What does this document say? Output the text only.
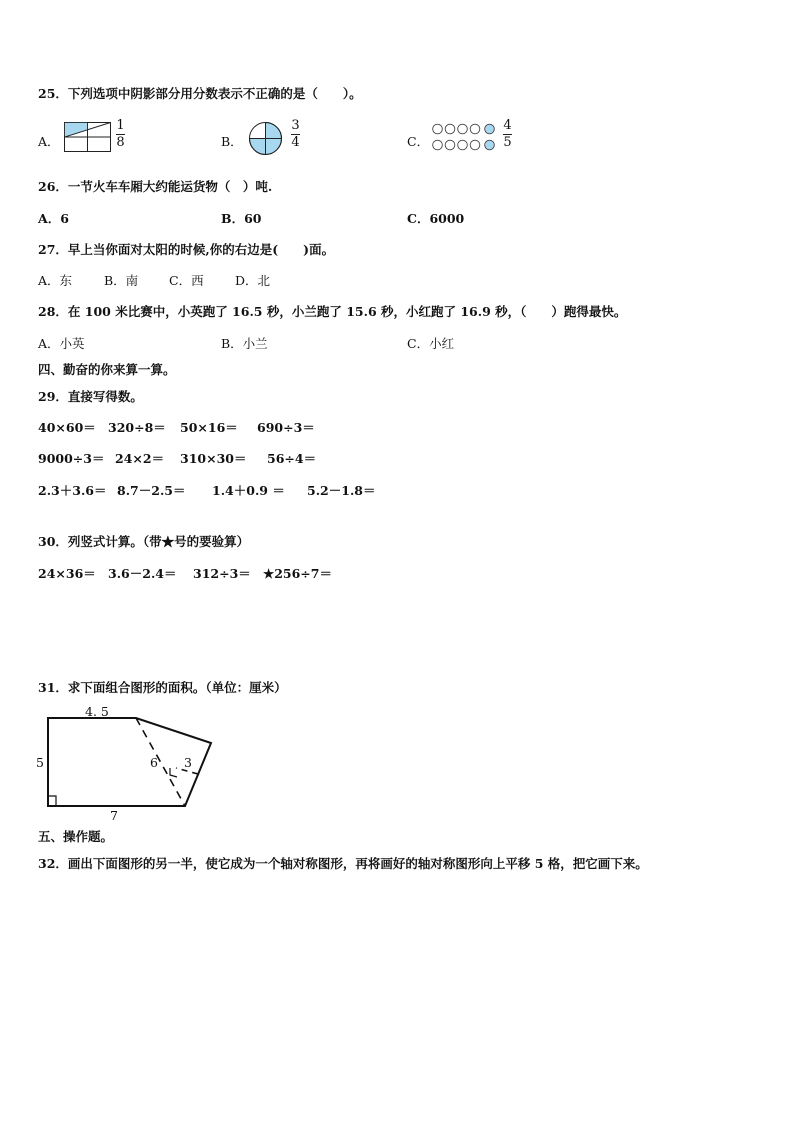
25．下列选项中阴影部分用分数表示不正确的是（　　）。
A．
1
8	B．
3
4	C．
4
5
26．一节火车车厢大约能运货物（　）吨.
A．6	B．60	C．6000
27．早上当你面对太阳的时候,你的右边是(　　)面。
A．东	B．南 C．西	D．北
28．在 100 米比赛中，小英跑了 16.5 秒，小兰跑了 15.6 秒，小红跑了 16.9 秒，（　　）跑得最快。
A．小英	B．小兰	C．小红
四、勤奋的你来算一算。
29．直接写得数。
40×60＝ 320÷8＝ 50×16＝ 690÷3＝
9000÷3＝ 24×2＝ 310×30＝ 56÷4＝
2.3＋3.6＝ 8.7－2.5＝ 1.4＋0.9 ＝ 5.2－1.8＝
30．列竖式计算。（带★号的要验算）
24×36＝ 3.6－2.4＝ 312÷3＝ ★256÷7＝
31．求下面组合图形的面积。（单位：厘米）
4. 5
5
7
6 3
五、操作题。
32．画出下面图形的另一半，使它成为一个轴对称图形，再将画好的轴对称图形向上平移 5 格，把它画下来。
